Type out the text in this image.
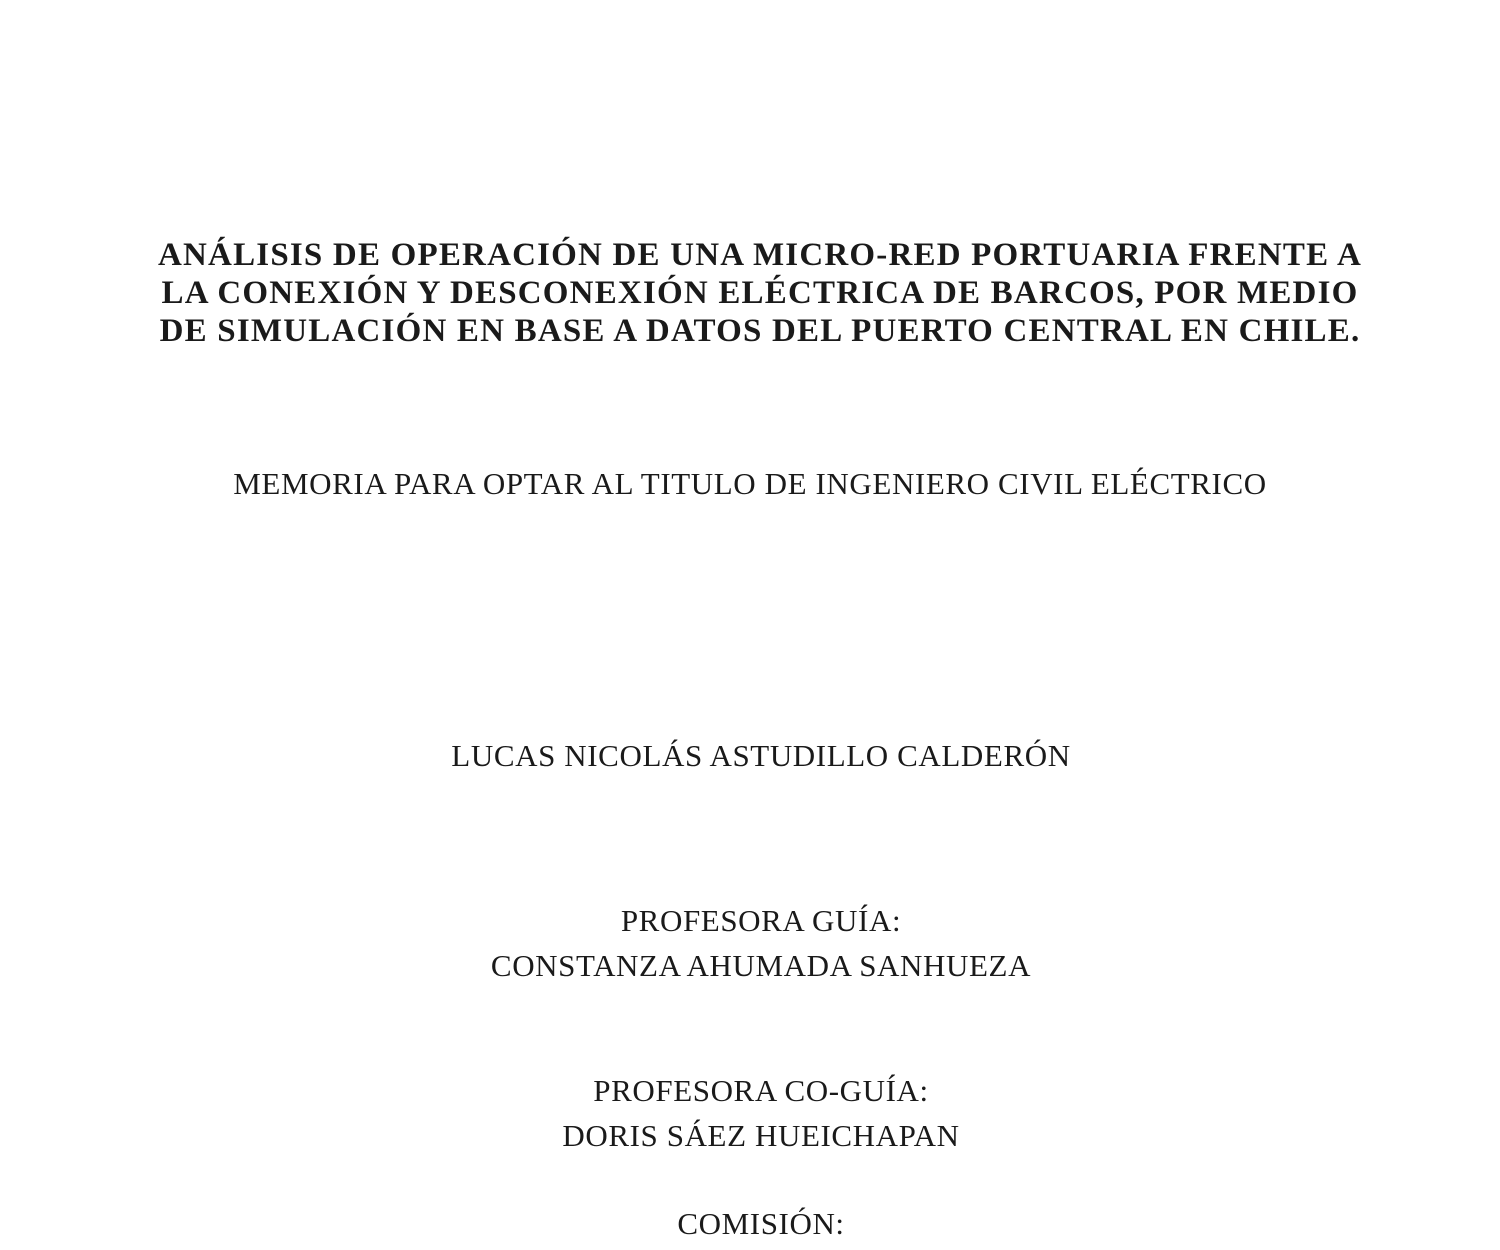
ANÁLISIS DE OPERACIÓN DE UNA MICRO-RED PORTUARIA FRENTE A
LA CONEXIÓN Y DESCONEXIÓN ELÉCTRICA DE BARCOS, POR MEDIO
DE SIMULACIÓN EN BASE A DATOS DEL PUERTO CENTRAL EN CHILE.
MEMORIA PARA OPTAR AL TITULO DE INGENIERO CIVIL ELÉCTRICO
LUCAS NICOLÁS ASTUDILLO CALDERÓN
PROFESORA GUÍA:
CONSTANZA AHUMADA SANHUEZA
PROFESORA CO-GUÍA:
DORIS SÁEZ HUEICHAPAN
COMISIÓN:
